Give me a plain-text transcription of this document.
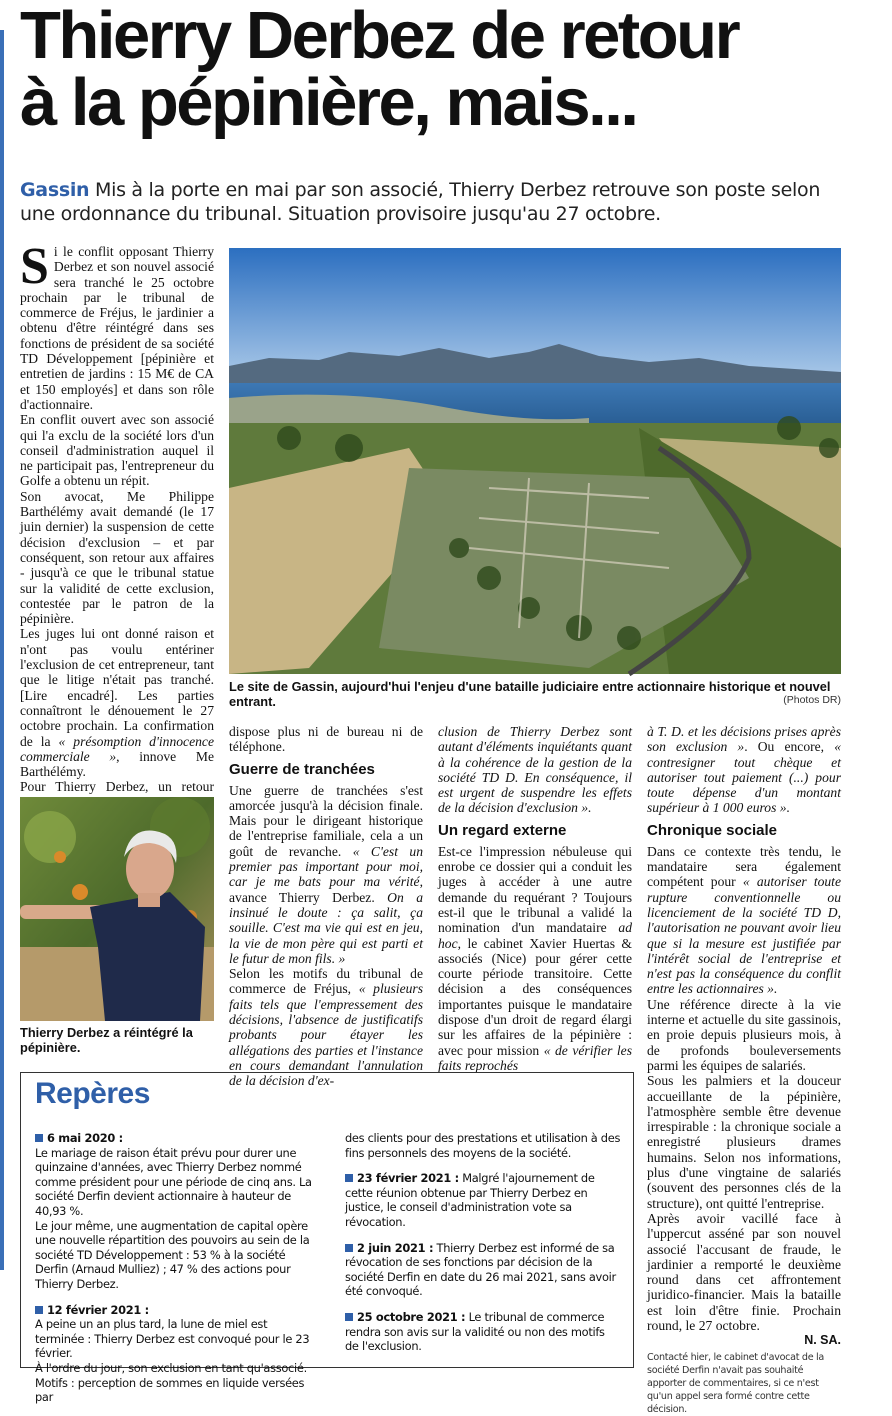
Thierry Derbez de retour
à la pépinière, mais...
Gassin Mis à la porte en mai par son associé, Thierry Derbez retrouve son poste selon une ordonnance du tribunal. Situation provisoire jusqu'au 27 octobre.
S i le conflit opposant Thierry Derbez et son nouvel associé sera tranché le 25 octobre prochain par le tribunal de commerce de Fréjus, le jardinier a obtenu d'être réintégré dans ses fonctions de président de sa société TD Développement [pépinière et entretien de jardins : 15 M€ de CA et 150 employés] et dans son rôle d'actionnaire.

En conflit ouvert avec son associé qui l'a exclu de la société lors d'un conseil d'administration auquel il ne participait pas, l'entrepreneur du Golfe a obtenu un répit.

Son avocat, Me Philippe Barthélémy avait demandé (le 17 juin dernier) la suspension de cette décision d'exclusion – et par conséquent, son retour aux affaires - jusqu'à ce que le tribunal statue sur la validité de cette exclusion, contestée par le patron de la pépinière.

Les juges lui ont donné raison et n'ont pas voulu entériner l'exclusion de cet entrepreneur, tant que le litige n'était pas tranché. [Lire encadré]. Les parties connaîtront le dénouement le 27 octobre prochain. La confirmation de la « présomption d'innocence commerciale », innove Me Barthélémy.

Pour Thierry Derbez, un retour

Thierry Derbez a réintégré la pépinière.
Le site de Gassin, aujourd'hui l'enjeu d'une bataille judiciaire entre actionnaire historique et nouvel entrant.	(Photos DR)

dispose plus ni de bureau ni de téléphone.

Guerre de tranchées

Une guerre de tranchées s'est amorcée jusqu'à la décision finale. Mais pour le dirigeant historique de l'entreprise familiale, cela a un goût de revanche. « C'est un premier pas important pour moi, car je me bats pour ma vérité, avance Thierry Derbez. On a insinué le doute : ça salit, ça souille. C'est ma vie qui est en jeu, la vie de mon père qui est parti et le futur de mon fils. »

Selon les motifs du tribunal de commerce de Fréjus, « plusieurs faits tels que l'empressement des décisions, l'absence de justificatifs probants pour étayer les allégations des parties et l'instance en cours demandant l'annulation de la décision d'ex-

clusion de Thierry Derbez sont autant d'éléments inquiétants quant à la cohérence de la gestion de la société TD D. En conséquence, il est urgent de suspendre les effets de la décision d'exclusion ».

Un regard externe

Est-ce l'impression nébuleuse qui enrobe ce dossier qui a conduit les juges à accéder à une autre demande du requérant ? Toujours est-il que le tribunal a validé la nomination d'un mandataire ad hoc, le cabinet Xavier Huertas & associés (Nice) pour gérer cette courte période transitoire. Cette décision a des conséquences importantes puisque le mandataire dispose d'un droit de regard élargi sur les affaires de la pépinière : avec pour mission « de vérifier les faits reprochés

à T. D. et les décisions prises après son exclusion ». Ou encore, « contresigner tout chèque et autoriser tout paiement (...) pour toute dépense d'un montant supérieur à 1 000 euros ».

Chronique sociale

Dans ce contexte très tendu, le mandataire sera également compétent pour « autoriser toute rupture conventionnelle ou licenciement de la société TD D, l'autorisation ne pouvant avoir lieu que si la mesure est justifiée par l'intérêt social de l'entreprise et n'est pas la conséquence du conflit entre les actionnaires ».

Une référence directe à la vie interne et actuelle du site gassinois, en proie depuis plusieurs mois, à de profonds bouleversements parmi les équipes de salariés.

Sous les palmiers et la douceur accueillante de la pépinière, l'atmosphère semble être devenue irrespirable : la chronique sociale a enregistré plusieurs drames humains. Selon nos informations, plus d'une vingtaine de salariés (souvent des personnes clés de la structure), ont quitté l'entreprise.

Après avoir vacillé face à l'uppercut asséné par son nouvel associé l'accusant de fraude, le jardinier a remporté le deuxième round dans cet affrontement juridico-financier. Mais la bataille est loin d'être finie. Prochain round, le 27 octobre.

N. SA.
Contacté hier, le cabinet d'avocat de la société Derfin n'avait pas souhaité apporter de commentaires, si ce n'est qu'un appel sera formé contre cette décision.
Repères

6 mai 2020 :

Le mariage de raison était prévu pour durer une quinzaine d'années, avec Thierry Derbez nommé comme président pour une période de cinq ans. La société Derfin devient actionnaire à hauteur de 40,93 %.

Le jour même, une augmentation de capital opère une nouvelle répartition des pouvoirs au sein de la société TD Développement : 53 % à la société Derfin (Arnaud Mulliez) ; 47 % des actions pour Thierry Derbez.

12 février 2021 :

A peine un an plus tard, la lune de miel est terminée : Thierry Derbez est convoqué pour le 23 février.

À l'ordre du jour, son exclusion en tant qu'associé. Motifs : perception de sommes en liquide versées par

des clients pour des prestations et utilisation à des fins personnels des moyens de la société.

23 février 2021 : Malgré l'ajournement de cette réunion obtenue par Thierry Derbez en justice, le conseil d'administration vote sa révocation.

2 juin 2021 : Thierry Derbez est informé de sa révocation de ses fonctions par décision de la société Derfin en date du 26 mai 2021, sans avoir été convoqué.

25 octobre 2021 : Le tribunal de commerce rendra son avis sur la validité ou non des motifs de l'exclusion.
